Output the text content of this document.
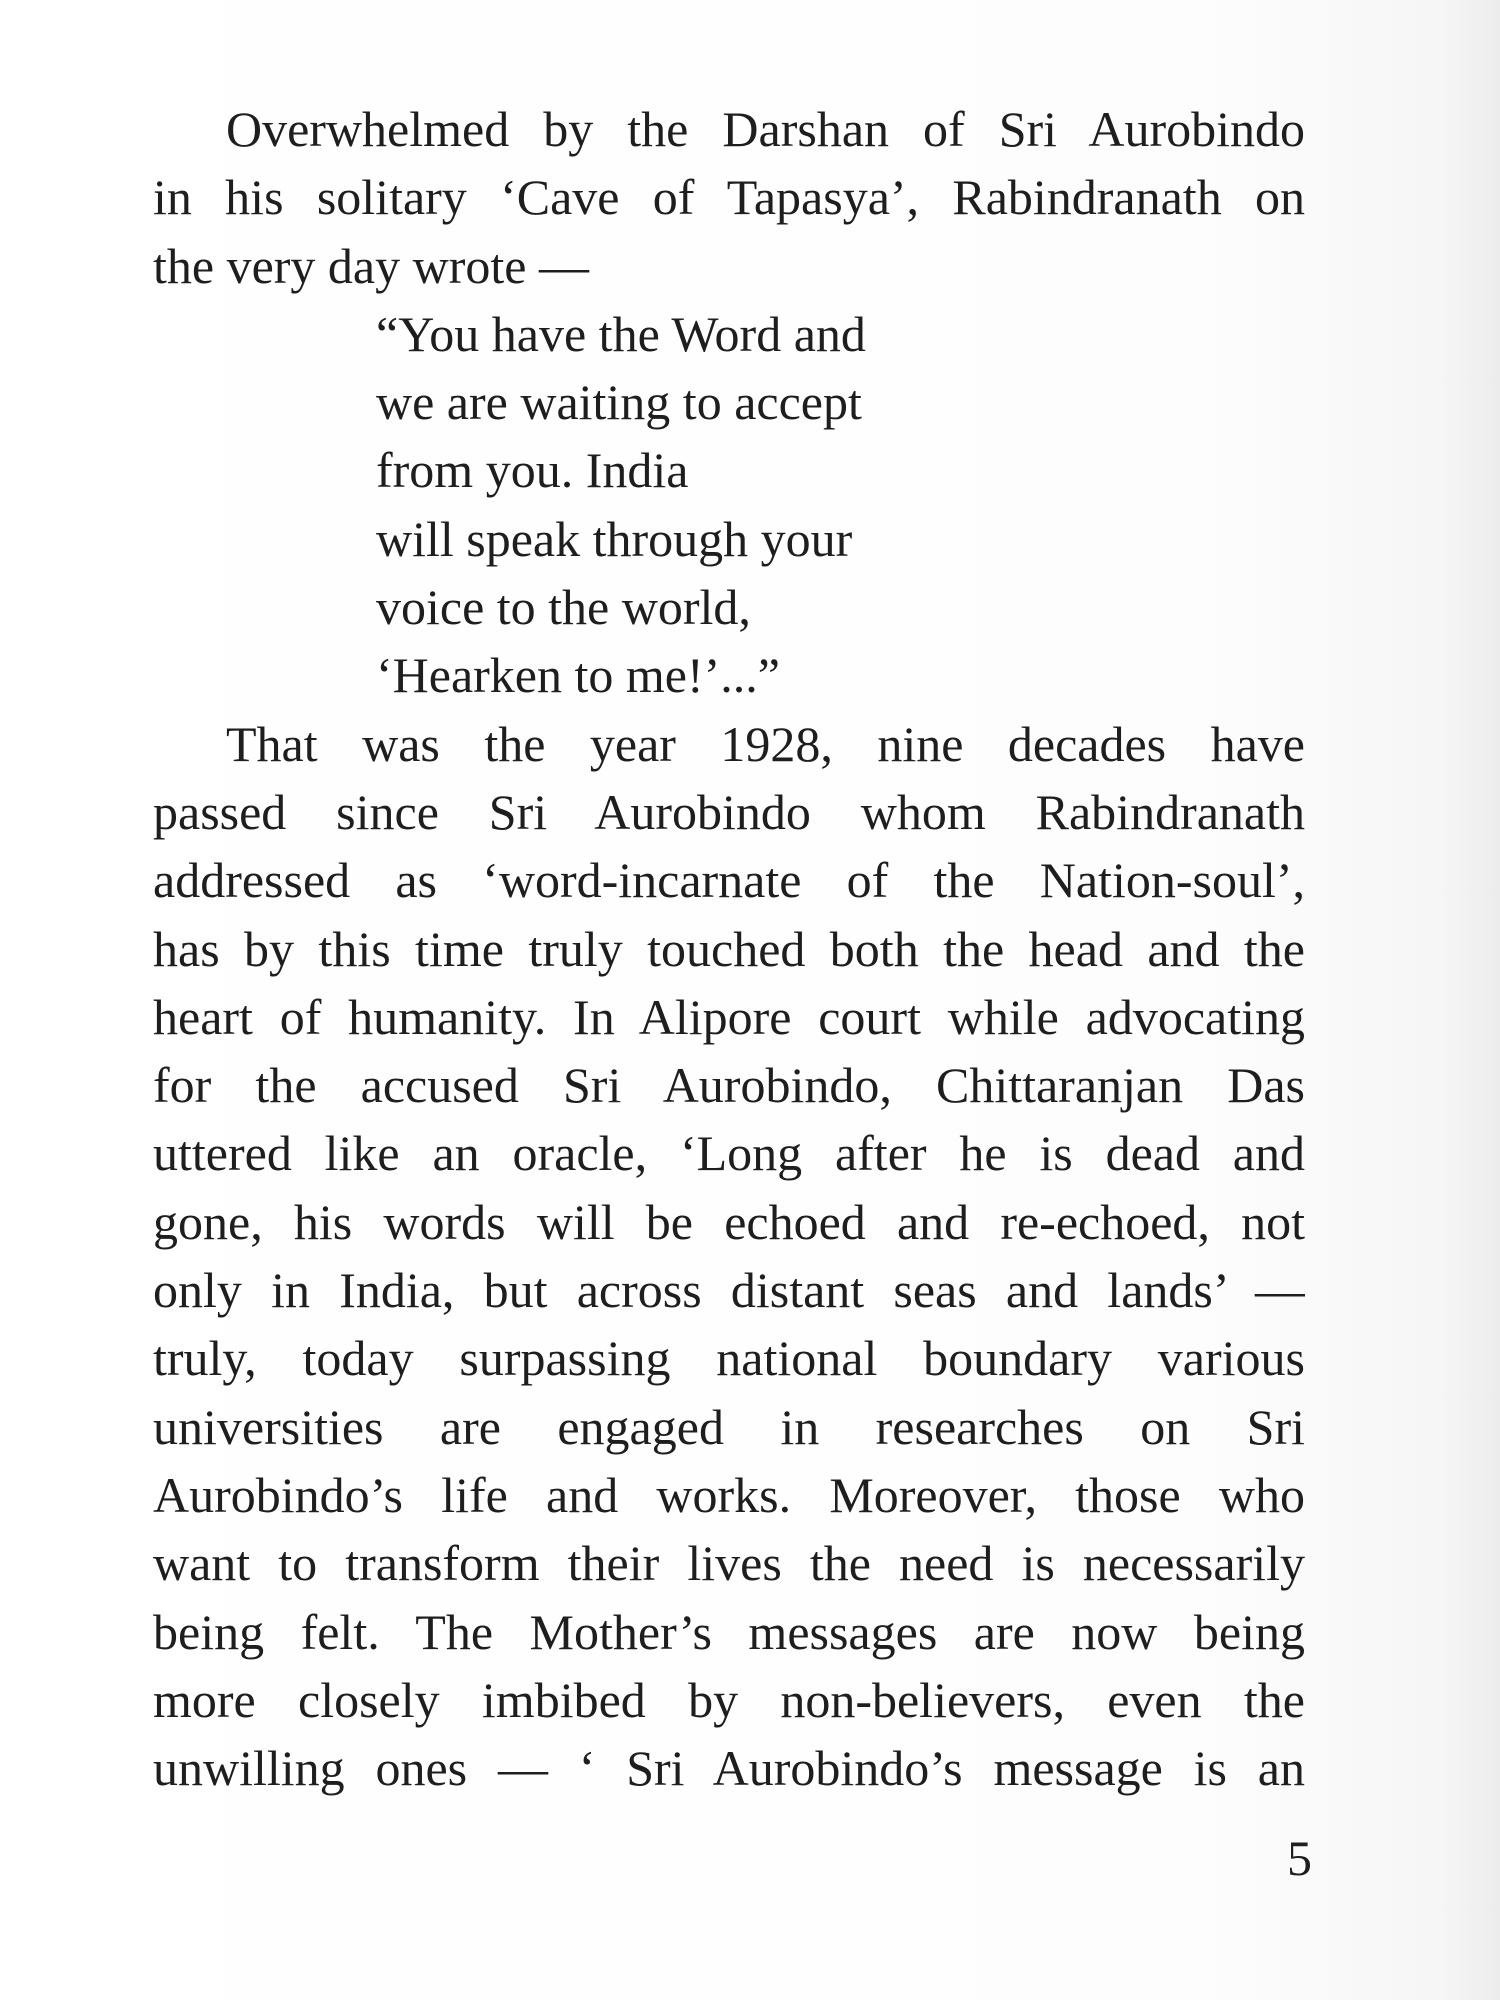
Overwhelmed by the Darshan of Sri Aurobindo
in his solitary ‘Cave of Tapasya’, Rabindranath on
the very day wrote —
“You have the Word and
we are waiting to accept
from you. India
will speak through your
voice to the world,
‘Hearken to me!’...”
That was the year 1928, nine decades have
passed since Sri Aurobindo whom Rabindranath
addressed as ‘word-incarnate of the Nation-soul’,
has by this time truly touched both the head and the
heart of humanity. In Alipore court while advocating
for the accused Sri Aurobindo, Chittaranjan Das
uttered like an oracle, ‘Long after he is dead and
gone, his words will be echoed and re-echoed, not
only in India, but across distant seas and lands’ —
truly, today surpassing national boundary various
universities are engaged in researches on Sri
Aurobindo’s life and works. Moreover, those who
want to transform their lives the need is necessarily
being felt. The Mother’s messages are now being
more closely imbibed by non-believers, even the
unwilling ones — ‘ Sri Aurobindo’s message is an
5
